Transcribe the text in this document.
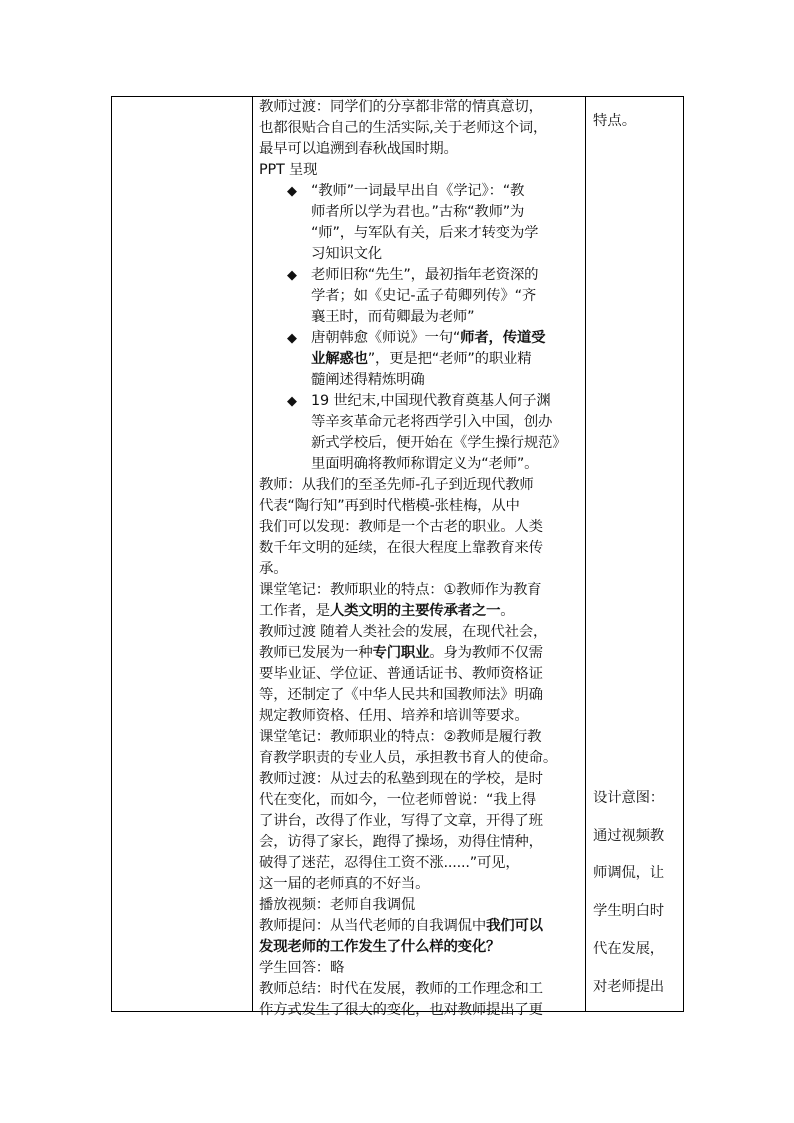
教师过渡：同学们的分享都非常的情真意切，

也都很贴合自己的生活实际,关于老师这个词，

最早可以追溯到春秋战国时期。

PPT 呈现

◆ “教师”一词最早出自《学记》：“教
师者所以学为君也。”古称“教师”为
“师”，与军队有关，后来才转变为学
习知识文化
◆ 老师旧称“先生”，最初指年老资深的
学者；如《史记-孟子荀卿列传》“齐
襄王时，而荀卿最为老师”
◆ 唐朝韩愈《师说》一句“师者，传道受
业解惑也”，更是把“老师”的职业精
髓阐述得精炼明确
◆ 19 世纪末,中国现代教育奠基人何子渊
等辛亥革命元老将西学引入中国，创办
新式学校后，便开始在《学生操行规范》
里面明确将教师称谓定义为“老师”。

教师：从我们的至圣先师-孔子到近现代教师

代表“陶行知”再到时代楷模-张桂梅，从中

我们可以发现：教师是一个古老的职业。人类

数千年文明的延续，在很大程度上靠教育来传

承。

课堂笔记：教师职业的特点：①教师作为教育

工作者，是人类文明的主要传承者之一。

教师过渡 随着人类社会的发展，在现代社会，

教师已发展为一种专门职业。身为教师不仅需

要毕业证、学位证、普通话证书、教师资格证

等，还制定了《中华人民共和国教师法》明确

规定教师资格、任用、培养和培训等要求。

课堂笔记：教师职业的特点：②教师是履行教

育教学职责的专业人员，承担教书育人的使命。

教师过渡：从过去的私塾到现在的学校，是时

代在变化，而如今，一位老师曾说：“我上得

了讲台，改得了作业，写得了文章，开得了班

会，访得了家长，跑得了操场，劝得住情种，

破得了迷茫，忍得住工资不涨......”可见，

这一届的老师真的不好当。

播放视频：老师自我调侃

教师提问：从当代老师的自我调侃中我们可以

发现老师的工作发生了什么样的变化？

学生回答：略

教师总结：时代在发展，教师的工作理念和工

作方式发生了很大的变化，也对教师提出了更

特点。
设计意图：
通过视频教
师调侃，让
学生明白时
代在发展，
对老师提出
